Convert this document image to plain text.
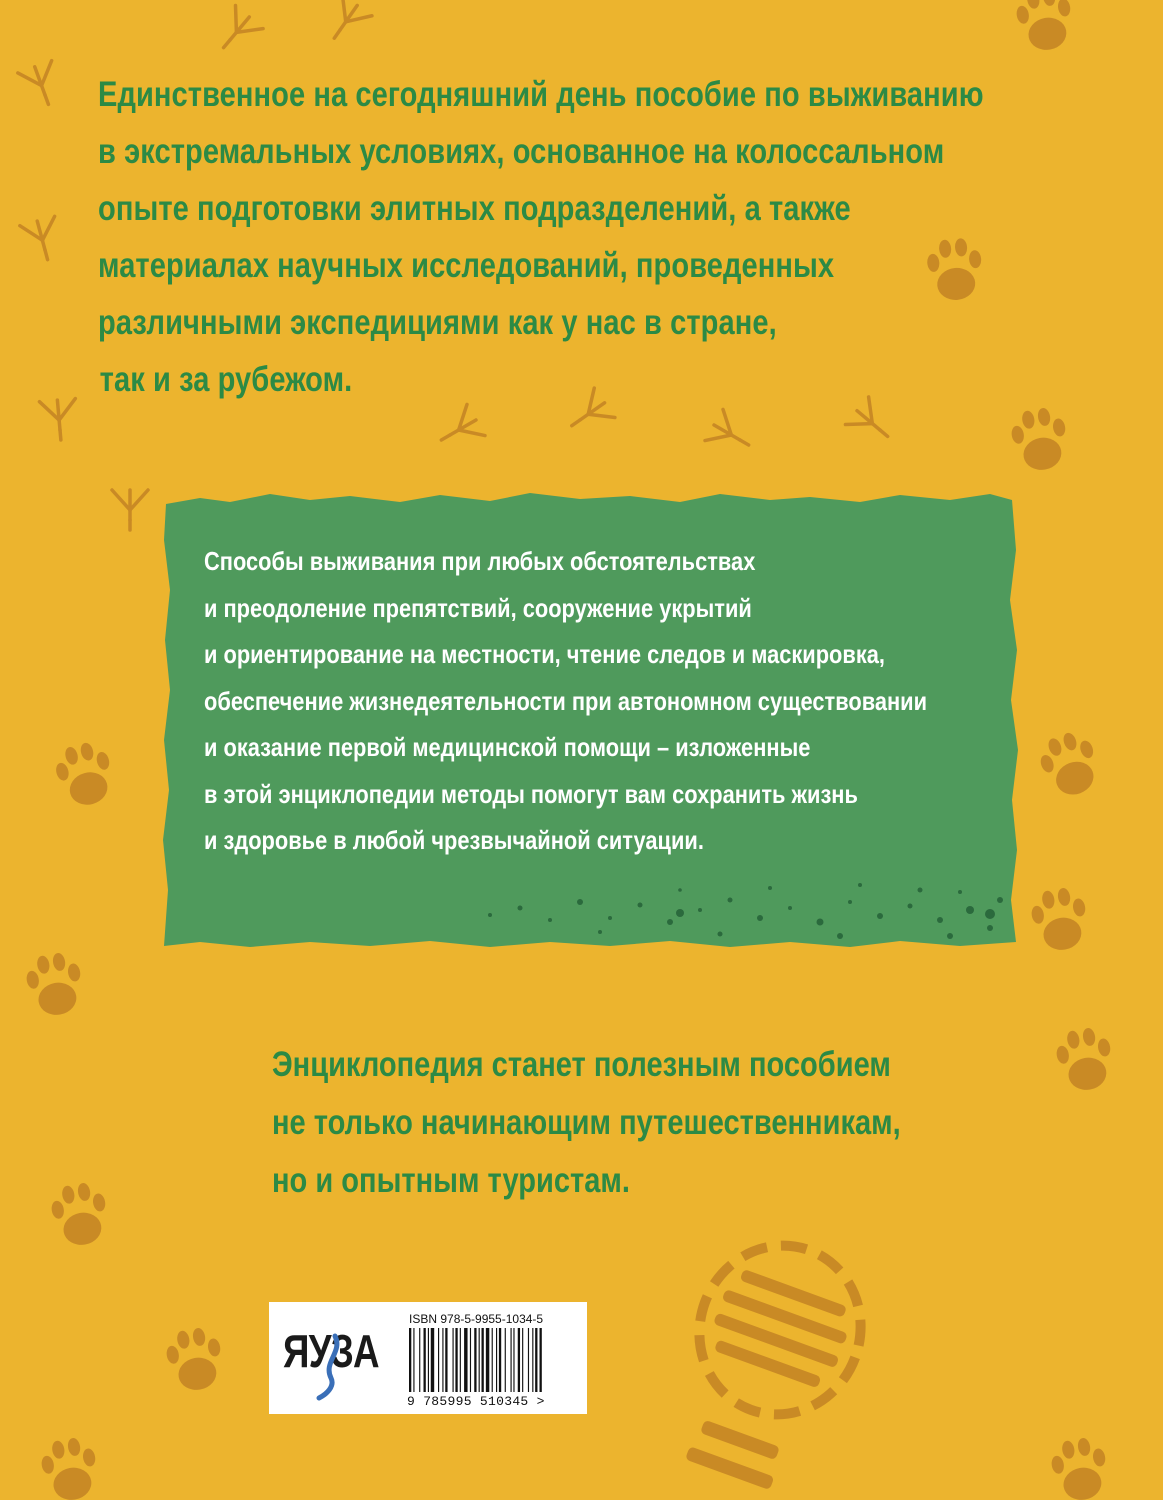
Единственное на сегодняшний день пособие по выживанию
в экстремальных условиях, основанное на колоссальном
опыте подготовки элитных подразделений, а также
материалах научных исследований, проведенных
различными экспедициями как у нас в стране,
так и за рубежом.

Способы выживания при любых обстоятельствах
и преодоление препятствий, сооружение укрытий
и ориентирование на местности, чтение следов и маскировка,
обеспечение жизнедеятельности при автономном существовании
и оказание первой медицинской помощи – изложенные
в этой энциклопедии методы помогут вам сохранить жизнь
и здоровье в любой чрезвычайной ситуации.

Энциклопедия станет полезным пособием
не только начинающим путешественникам,
но и опытным туристам.

ЯУЗА
ISBN 978-5-9955-1034-5
9 785995 510345 >
